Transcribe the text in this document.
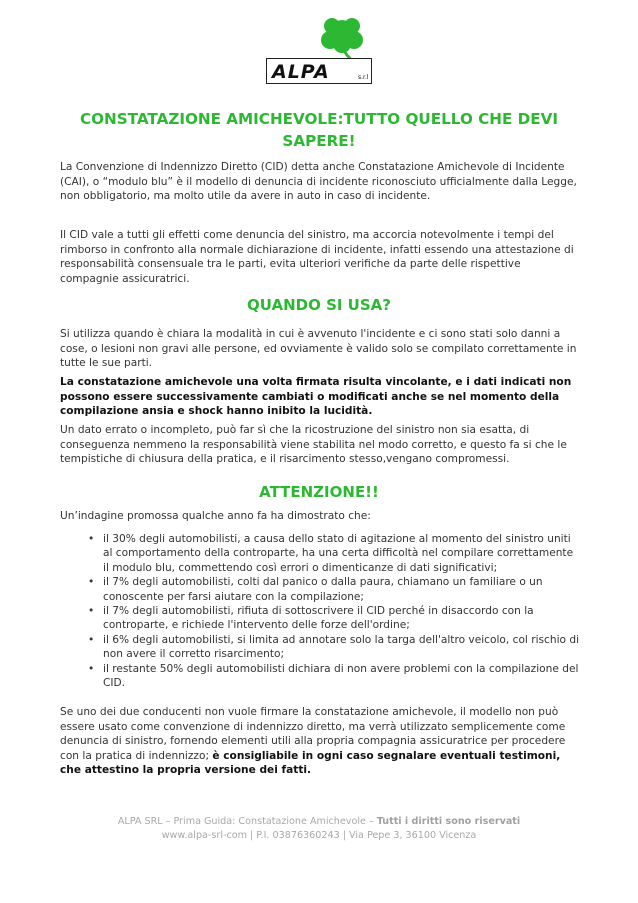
ALPA	s.r.l
CONSTATAZIONE AMICHEVOLE:TUTTO QUELLO CHE DEVI SAPERE!

La Convenzione di Indennizzo Diretto (CID) detta anche Constatazione Amichevole di Incidente (CAI), o “modulo blu” è il modello di denuncia di incidente riconosciuto ufficialmente dalla Legge, non obbligatorio, ma molto utile da avere in auto in caso di incidente.

Il CID vale a tutti gli effetti come denuncia del sinistro, ma accorcia notevolmente i tempi del rimborso in confronto alla normale dichiarazione di incidente, infatti essendo una attestazione di responsabilità consensuale tra le parti, evita ulteriori verifiche da parte delle rispettive compagnie assicuratrici.

QUANDO SI USA?

Si utilizza quando è chiara la modalità in cui è avvenuto l'incidente e ci sono stati solo danni a cose, o lesioni non gravi alle persone, ed ovviamente è valido solo se compilato correttamente in tutte le sue parti.

La constatazione amichevole una volta firmata risulta vincolante, e i dati indicati non possono essere successivamente cambiati o modificati anche se nel momento della compilazione ansia e shock hanno inibito la lucidità.

Un dato errato o incompleto, può far sì che la ricostruzione del sinistro non sia esatta, di conseguenza nemmeno la responsabilità viene stabilita nel modo corretto, e questo fa si che le tempistiche di chiusura della pratica, e il risarcimento stesso,vengano compromessi.

ATTENZIONE!!

Un’indagine promossa qualche anno fa ha dimostrato che:

• il 30% degli automobilisti, a causa dello stato di agitazione al momento del sinistro uniti al comportamento della controparte, ha una certa difficoltà nel compilare correttamente il modulo blu, commettendo così errori o dimenticanze di dati significativi;
• il 7% degli automobilisti, colti dal panico o dalla paura, chiamano un familiare o un conoscente per farsi aiutare con la compilazione;
• il 7% degli automobilisti, rifiuta di sottoscrivere il CID perché in disaccordo con la controparte, e richiede l'intervento delle forze dell'ordine;
• il 6% degli automobilisti, si limita ad annotare solo la targa dell'altro veicolo, col rischio di non avere il corretto risarcimento;
• il restante 50% degli automobilisti dichiara di non avere problemi con la compilazione del CID.

Se uno dei due conducenti non vuole firmare la constatazione amichevole, il modello non può essere usato come convenzione di indennizzo diretto, ma verrà utilizzato semplicemente come denuncia di sinistro, fornendo elementi utili alla propria compagnia assicuratrice per procedere con la pratica di indennizzo; è consigliabile in ogni caso segnalare eventuali testimoni, che attestino la propria versione dei fatti.

ALPA SRL – Prima Guida: Constatazione Amichevole – Tutti i diritti sono riservati
www.alpa-srl-com | P.I. 03876360243 | Via Pepe 3, 36100 Vicenza
